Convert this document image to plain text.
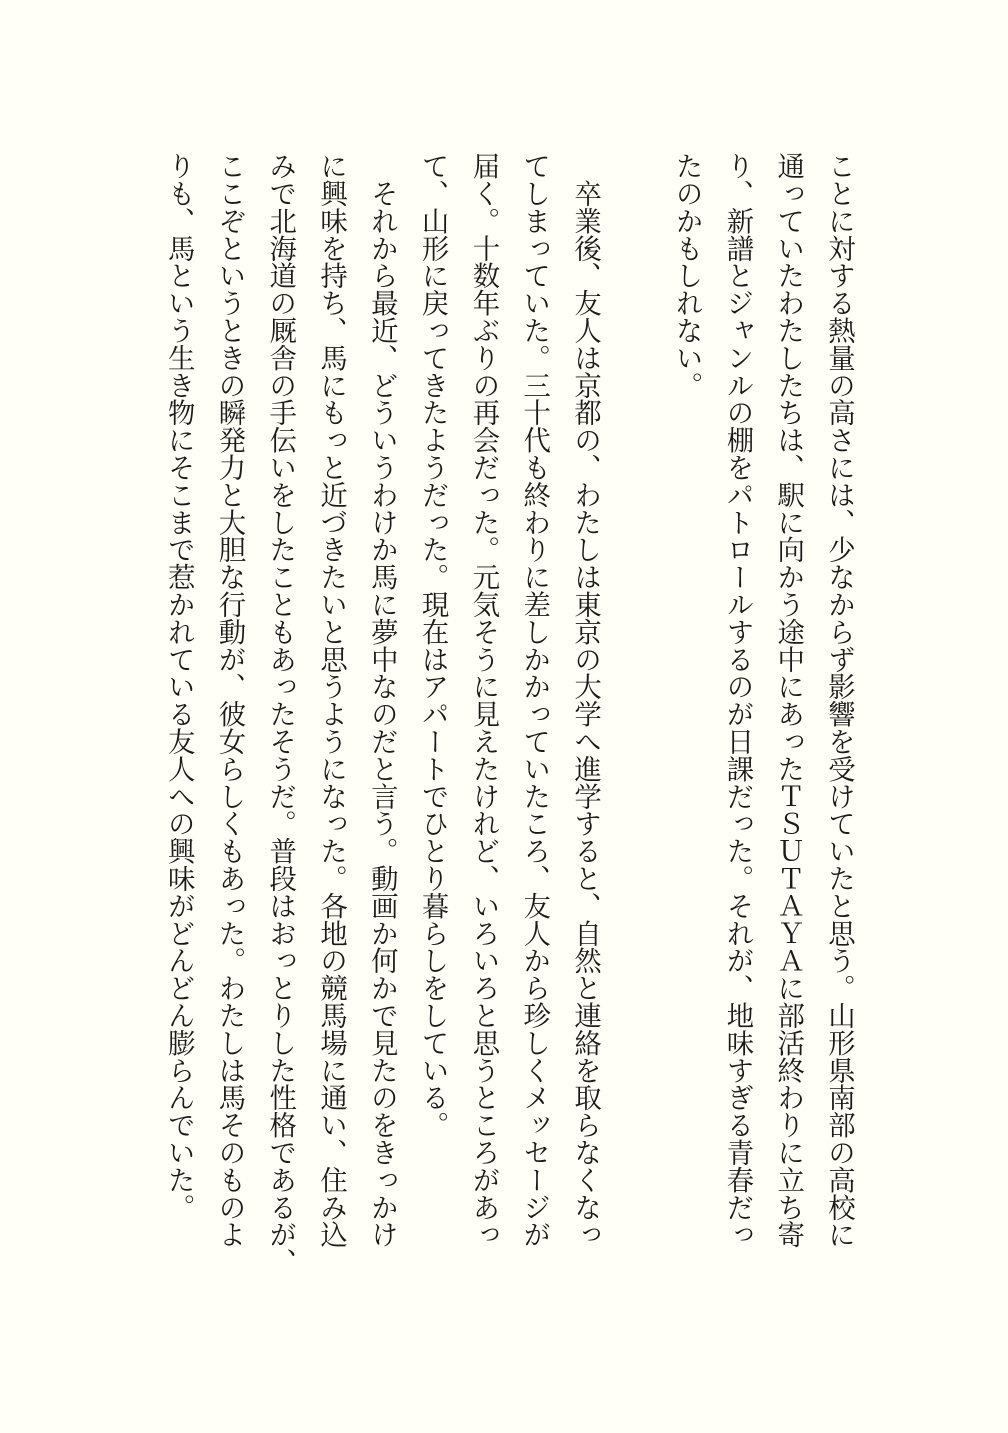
ことに対する熱量の高さには、少なからず影響を受けていたと思う。山形県南部の高校に
通っていたわたしたちは、駅に向かう途中にあったＴＳＵＴＡＹＡに部活終わりに立ち寄
り、新譜とジャンルの棚をパトロールするのが日課だった。それが、地味すぎる青春だっ
たのかもしれない。
　卒業後、友人は京都の、わたしは東京の大学へ進学すると、自然と連絡を取らなくなっ
てしまっていた。三十代も終わりに差しかかっていたころ、友人から珍しくメッセージが
届く。十数年ぶりの再会だった。元気そうに見えたけれど、いろいろと思うところがあっ
て、山形に戻ってきたようだった。現在はアパートでひとり暮らしをしている。
　それから最近、どういうわけか馬に夢中なのだと言う。動画か何かで見たのをきっかけ
に興味を持ち、馬にもっと近づきたいと思うようになった。各地の競馬場に通い、住み込
みで北海道の厩舎の手伝いをしたこともあったそうだ。普段はおっとりした性格であるが、
ここぞというときの瞬発力と大胆な行動が、彼女らしくもあった。わたしは馬そのものよ
りも、馬という生き物にそこまで惹かれている友人への興味がどんどん膨らんでいた。
